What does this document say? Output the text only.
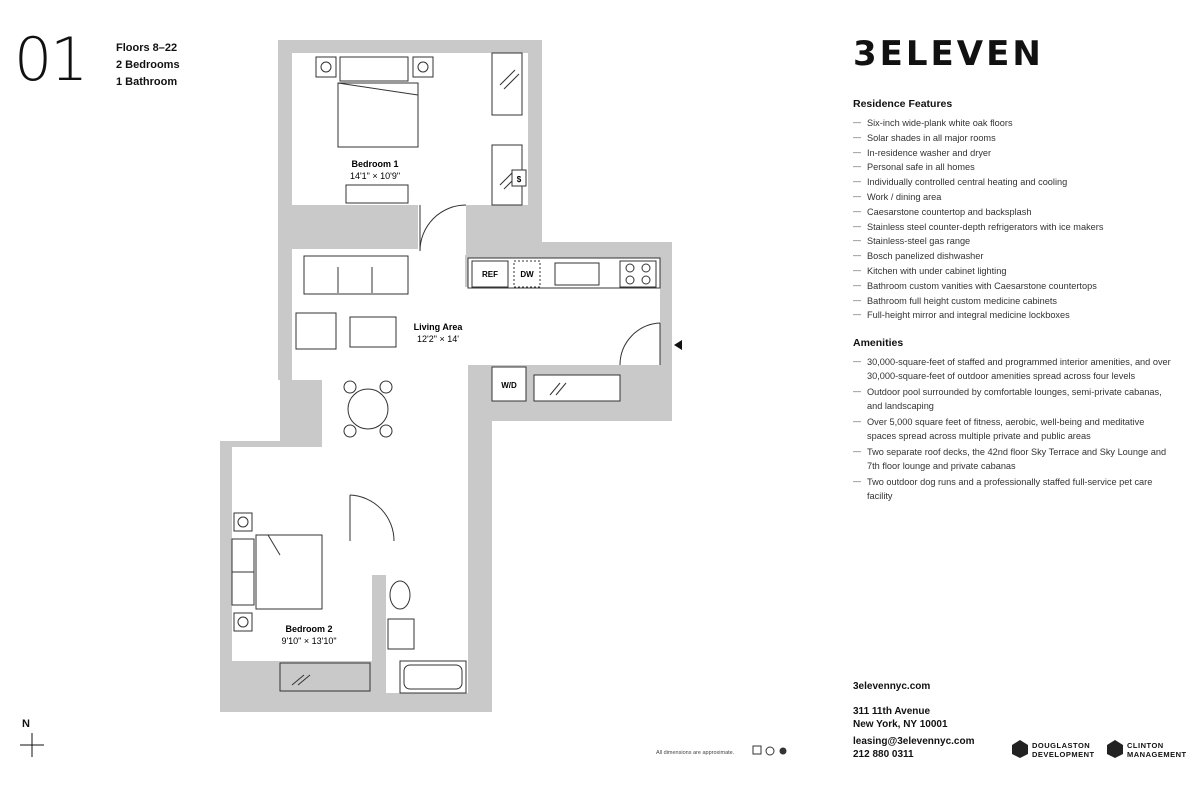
01	Floors 8–22
2 Bedrooms
1 Bathroom
$
REF	DW
W/D
Bedroom 1
14'1" × 10'9"
Living Area
12'2" × 14'
Bedroom 2
9'10" × 13'10"
N
3ELEVEN
Residence Features
— Six-inch wide-plank white oak floors
— Solar shades in all major rooms
— In-residence washer and dryer
— Personal safe in all homes
— Individually controlled central heating and cooling
— Work / dining area
— Caesarstone countertop and backsplash
— Stainless steel counter-depth refrigerators with ice makers
— Stainless-steel gas range
— Bosch panelized dishwasher
— Kitchen with under cabinet lighting
— Bathroom custom vanities with Caesarstone countertops
— Bathroom full height custom medicine cabinets
— Full-height mirror and integral medicine lockboxes
Amenities
— 30,000-square-feet of staffed and programmed interior amenities, and over 30,000-square-feet of outdoor amenities spread across four levels
— Outdoor pool surrounded by comfortable lounges, semi-private cabanas, and landscaping
— Over 5,000 square feet of fitness, aerobic, well-being and meditative spaces spread across multiple private and public areas
— Two separate roof decks, the 42nd floor Sky Terrace and Sky Lounge and 7th floor lounge and private cabanas
— Two outdoor dog runs and a professionally staffed full-service pet care facility
3elevennyc.com
311 11th Avenue
New York, NY 10001
leasing@3elevennyc.com
212 880 0311
All dimensions are approximate.
DOUGLASTON
DEVELOPMENT
CLINTON
MANAGEMENT
